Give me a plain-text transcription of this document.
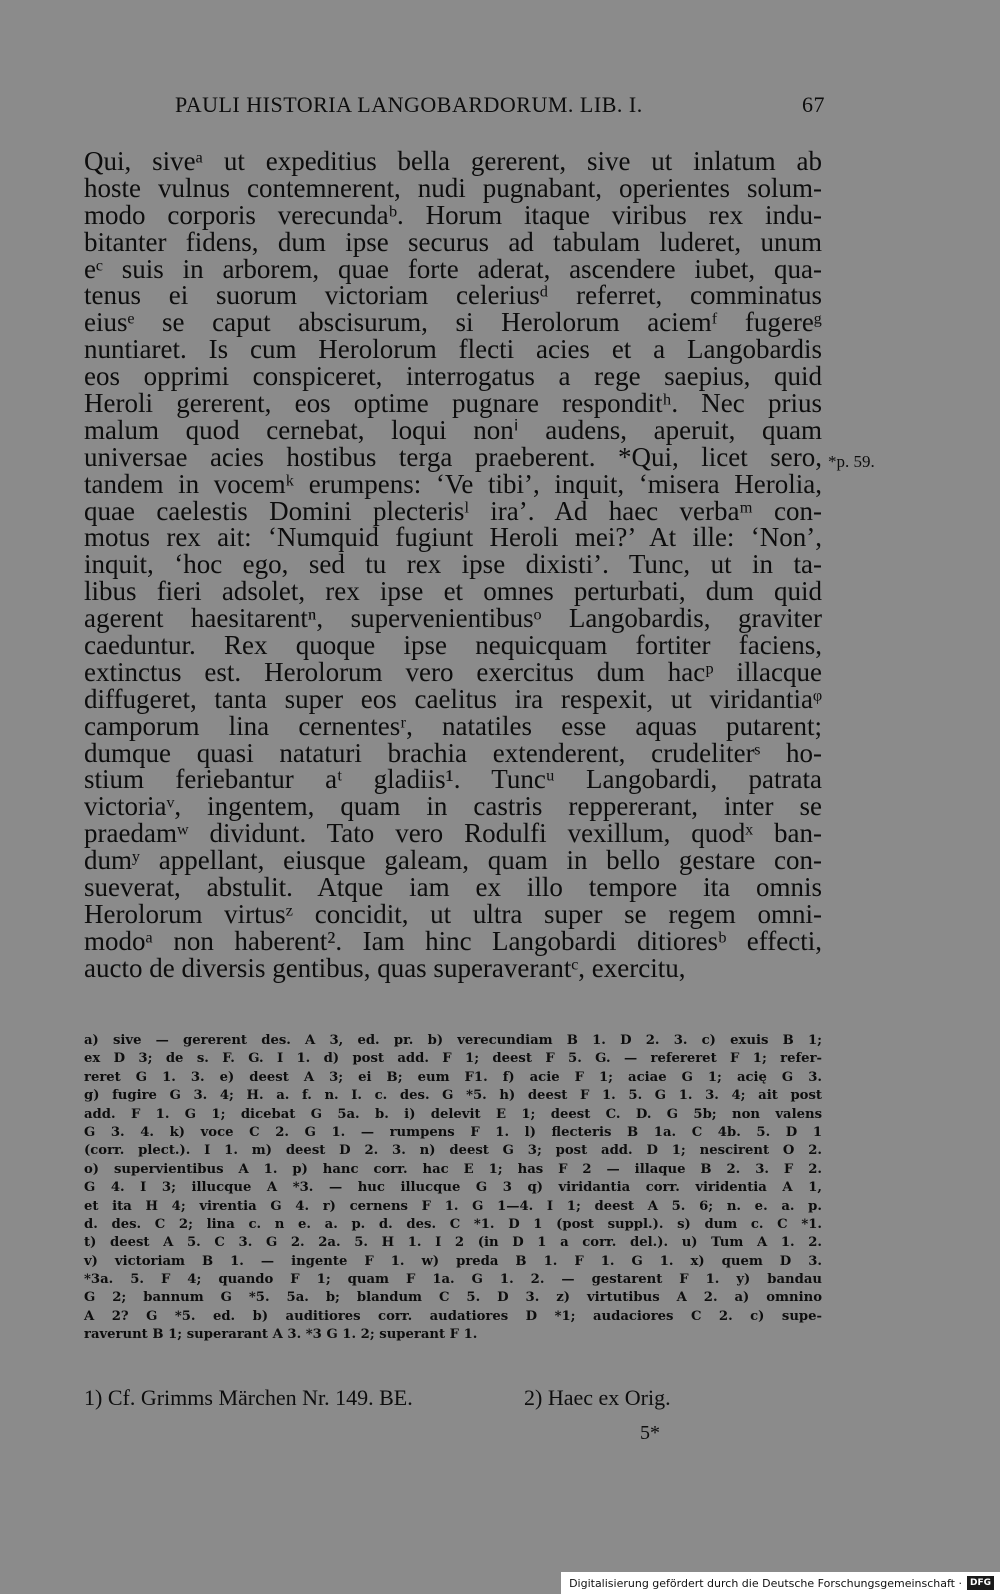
PAULI HISTORIA LANGOBARDORUM. LIB. I.	67
Qui, siveᵃ ut expeditius bella gererent, sive ut inlatum ab
hoste vulnus contemnerent, nudi pugnabant, operientes solum-
modo corporis verecundaᵇ. Horum itaque viribus rex indu-
bitanter fidens, dum ipse securus ad tabulam luderet, unum
eᶜ suis in arborem, quae forte aderat, ascendere iubet, qua-
tenus ei suorum victoriam celeriusᵈ referret, comminatus
eiusᵉ se caput abscisurum, si Herolorum aciemᶠ fugereᵍ
nuntiaret. Is cum Herolorum flecti acies et a Langobardis
eos opprimi conspiceret, interrogatus a rege saepius, quid
Heroli gererent, eos optime pugnare responditʰ. Nec prius
malum quod cernebat, loqui nonⁱ audens, aperuit, quam
universae acies hostibus terga praeberent. *Qui, licet sero,
tandem in vocemᵏ erumpens: ‘Ve tibi’, inquit, ‘misera Herolia,
quae caelestis Domini plecterisˡ ira’. Ad haec verbaᵐ con-
motus rex ait: ‘Numquid fugiunt Heroli mei?’ At ille: ‘Non’,
inquit, ‘hoc ego, sed tu rex ipse dixisti’. Tunc, ut in ta-
libus fieri adsolet, rex ipse et omnes perturbati, dum quid
agerent haesitarentⁿ, supervenientibusᵒ Langobardis, graviter
caeduntur. Rex quoque ipse nequicquam fortiter faciens,
extinctus est. Herolorum vero exercitus dum hacᵖ illacque
diffugeret, tanta super eos caelitus ira respexit, ut viridantiaᵠ
camporum lina cernentesʳ, natatiles esse aquas putarent;
dumque quasi nataturi brachia extenderent, crudeliterˢ ho-
stium feriebantur aᵗ gladiis¹. Tuncᵘ Langobardi, patrata
victoriaᵛ, ingentem, quam in castris reppererant, inter se
praedamʷ dividunt. Tato vero Rodulfi vexillum, quodˣ ban-
dumʸ appellant, eiusque galeam, quam in bello gestare con-
sueverat, abstulit. Atque iam ex illo tempore ita omnis
Herolorum virtusᶻ concidit, ut ultra super se regem omni-
modoᵃ non haberent². Iam hinc Langobardi ditioresᵇ effecti,
aucto de diversis gentibus, quas superaverantᶜ, exercitu,
*p. 59.
a) sive — gererent des. A 3, ed. pr. b) verecundiam B 1. D 2. 3. c) exuis B 1;
ex D 3; de s. F. G. I 1. d) post add. F 1; deest F 5. G. — refereret F 1; refer-
reret G 1. 3. e) deest A 3; ei B; eum F1. f) acie F 1; aciae G 1; acię G 3.
g) fugire G 3. 4; H. a. f. n. I. c. des. G *5. h) deest F 1. 5. G 1. 3. 4; ait post
add. F 1. G 1; dicebat G 5a. b. i) delevit E 1; deest C. D. G 5b; non valens
G 3. 4. k) voce C 2. G 1. — rumpens F 1. l) flecteris B 1a. C 4b. 5. D 1
(corr. plect.). I 1. m) deest D 2. 3. n) deest G 3; post add. D 1; nescirent O 2.
o) supervientibus A 1. p) hanc corr. hac E 1; has F 2 — illaque B 2. 3. F 2.
G 4. I 3; illucque A *3. — huc illucque G 3 q) viridantia corr. viridentia A 1,
et ita H 4; virentia G 4. r) cernens F 1. G 1—4. I 1; deest A 5. 6; n. e. a. p.
d. des. C 2; lina c. n e. a. p. d. des. C *1. D 1 (post suppl.). s) dum c. C *1.
t) deest A 5. C 3. G 2. 2a. 5. H 1. I 2 (in D 1 a corr. del.). u) Tum A 1. 2.
v) victoriam B 1. — ingente F 1. w) preda B 1. F 1. G 1. x) quem D 3.
*3a. 5. F 4; quando F 1; quam F 1a. G 1. 2. — gestarent F 1. y) bandau
G 2; bannum G *5. 5a. b; blandum C 5. D 3. z) virtutibus A 2. a) omnino
A 2? G *5. ed. b) auditiores corr. audatiores D *1; audaciores C 2. c) supe-
raverunt B 1; superarant A 3. *3 G 1. 2; superant F 1.
1) Cf. Grimms Märchen Nr. 149. BE.	2) Haec ex Orig.
5*
Digitalisierung gefördert durch die Deutsche Forschungsgemeinschaft · DFG
